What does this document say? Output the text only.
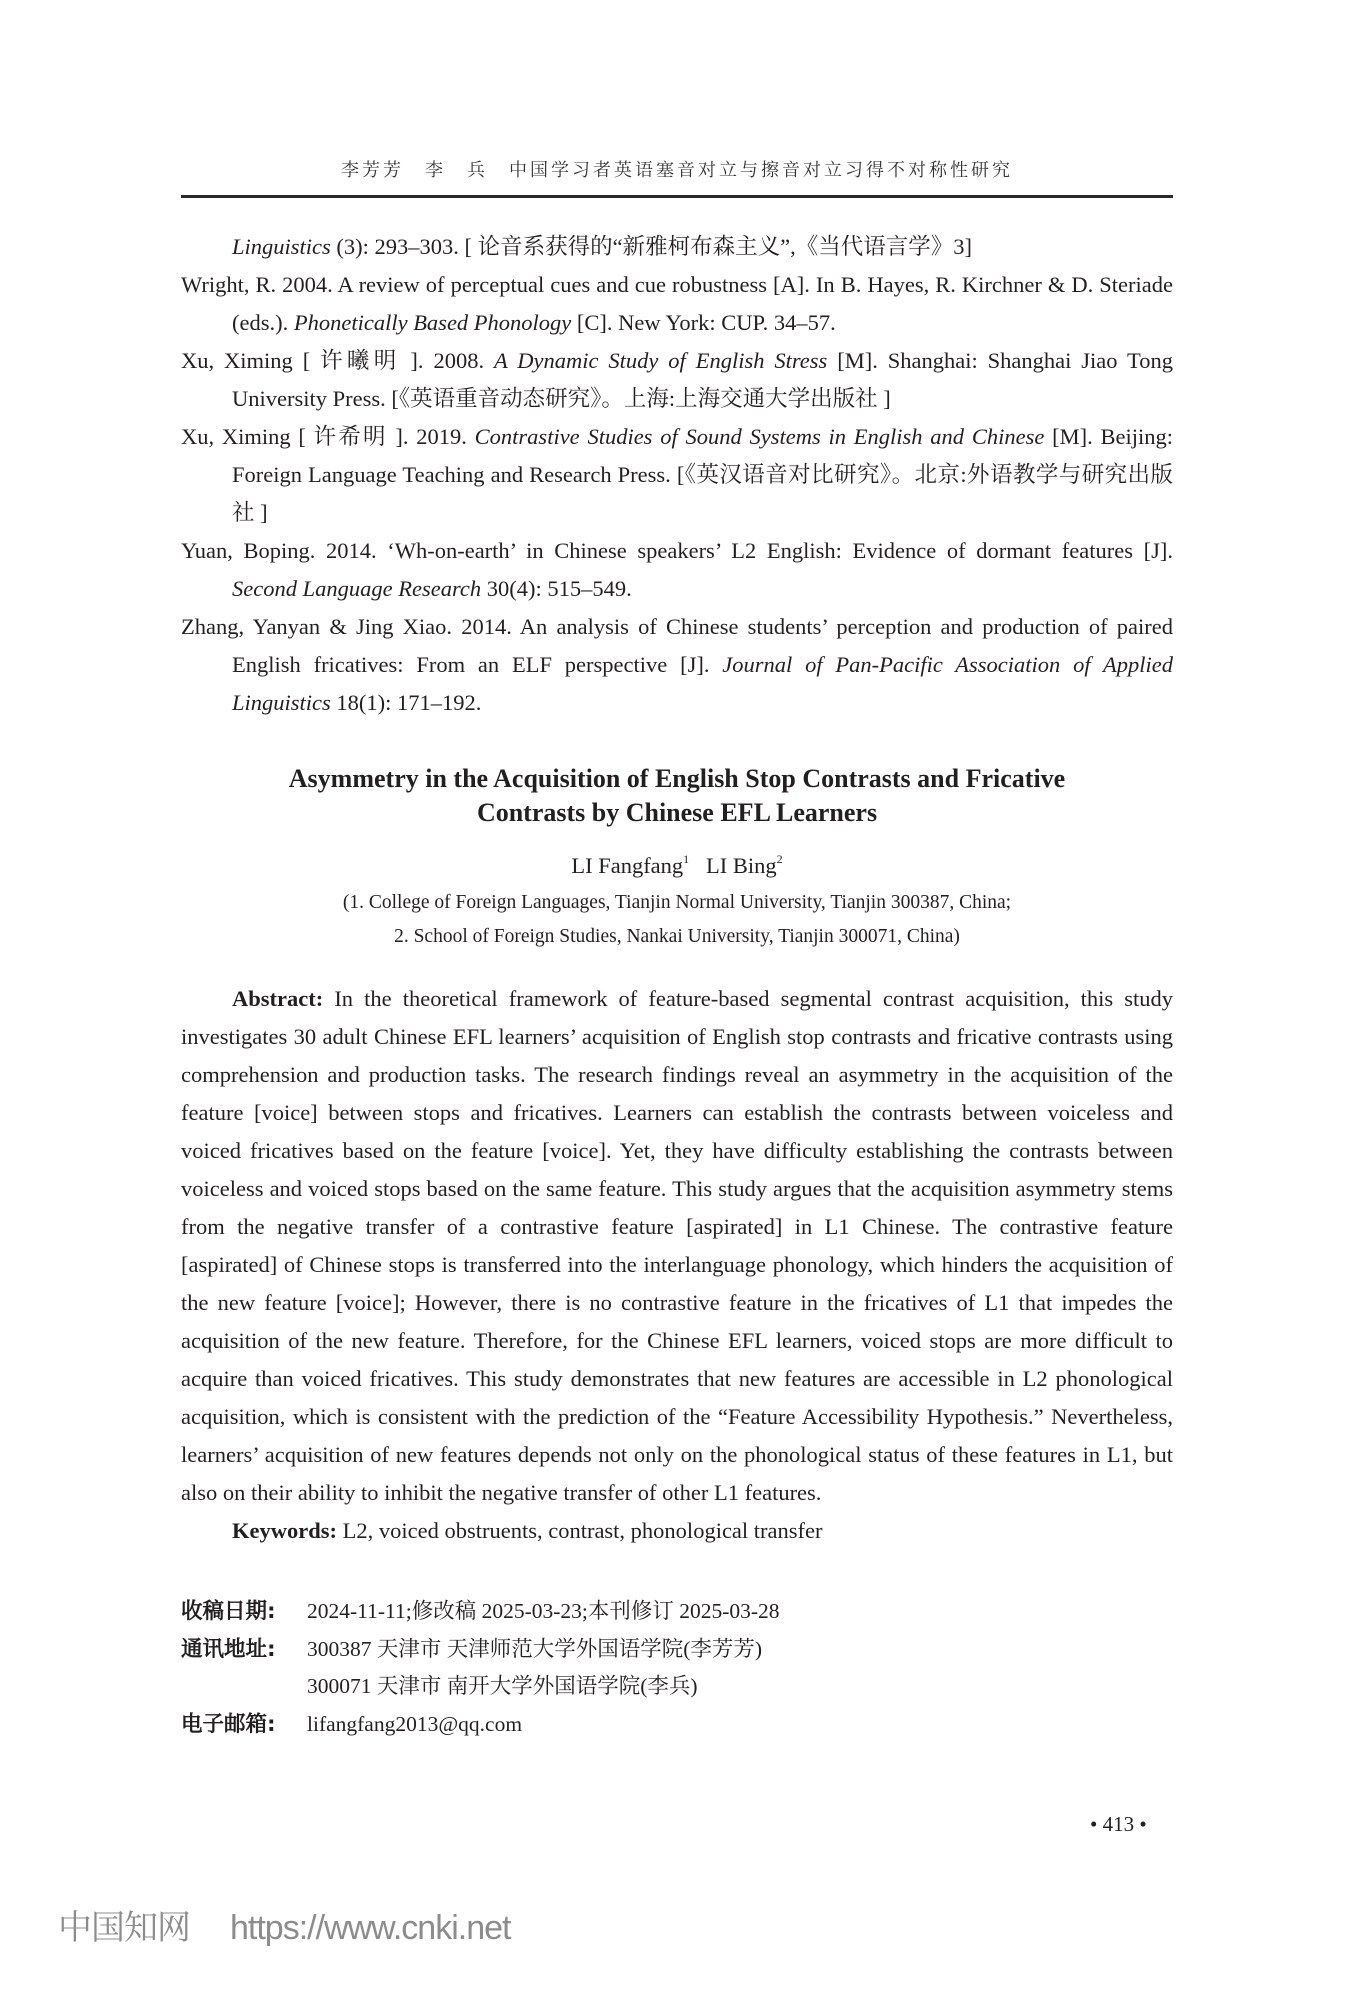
李芳芳　李　兵　中国学习者英语塞音对立与擦音对立习得不对称性研究

Linguistics (3): 293–303. [ 论音系获得的“新雅柯布森主义”,《当代语言学》3]

Wright, R. 2004. A review of perceptual cues and cue robustness [A]. In B. Hayes, R. Kirchner & D. Steriade (eds.). Phonetically Based Phonology [C]. New York: CUP. 34–57.

Xu, Ximing [ 许曦明 ]. 2008. A Dynamic Study of English Stress [M]. Shanghai: Shanghai Jiao Tong University Press. [《英语重音动态研究》。上海:上海交通大学出版社 ]

Xu, Ximing [ 许希明 ]. 2019. Contrastive Studies of Sound Systems in English and Chinese [M]. Beijing: Foreign Language Teaching and Research Press. [《英汉语音对比研究》。北京:外语教学与研究出版社 ]

Yuan, Boping. 2014. ‘Wh-on-earth’ in Chinese speakers’ L2 English: Evidence of dormant features [J]. Second Language Research 30(4): 515–549.

Zhang, Yanyan & Jing Xiao. 2014. An analysis of Chinese students’ perception and production of paired English fricatives: From an ELF perspective [J]. Journal of Pan-Pacific Association of Applied Linguistics 18(1): 171–192.

Asymmetry in the Acquisition of English Stop Contrasts and Fricative
Contrasts by Chinese EFL Learners
LI Fangfang$^1$ LI Bing$^2$
(1. College of Foreign Languages, Tianjin Normal University, Tianjin 300387, China;
2. School of Foreign Studies, Nankai University, Tianjin 300071, China)

Abstract: In the theoretical framework of feature-based segmental contrast acquisition, this study investigates 30 adult Chinese EFL learners’ acquisition of English stop contrasts and fricative contrasts using comprehension and production tasks. The research findings reveal an asymmetry in the acquisition of the feature [voice] between stops and fricatives. Learners can establish the contrasts between voiceless and voiced fricatives based on the feature [voice]. Yet, they have difficulty establishing the contrasts between voiceless and voiced stops based on the same feature. This study argues that the acquisition asymmetry stems from the negative transfer of a contrastive feature [aspirated] in L1 Chinese. The contrastive feature [aspirated] of Chinese stops is transferred into the interlanguage phonology, which hinders the acquisition of the new feature [voice]; However, there is no contrastive feature in the fricatives of L1 that impedes the acquisition of the new feature. Therefore, for the Chinese EFL learners, voiced stops are more difficult to acquire than voiced fricatives. This study demonstrates that new features are accessible in L2 phonological acquisition, which is consistent with the prediction of the “Feature Accessibility Hypothesis.” Nevertheless, learners’ acquisition of new features depends not only on the phonological status of these features in L1, but also on their ability to inhibit the negative transfer of other L1 features.

Keywords: L2, voiced obstruents, contrast, phonological transfer

收稿日期:	2024-11-11;修改稿 2025-03-23;本刊修订 2025-03-28
通讯地址:	300387 天津市 天津师范大学外国语学院(李芳芳)
300071 天津市 南开大学外国语学院(李兵)
电子邮箱:	lifangfang2013@qq.com
• 413 •
中国知网 https://www.cnki.net
